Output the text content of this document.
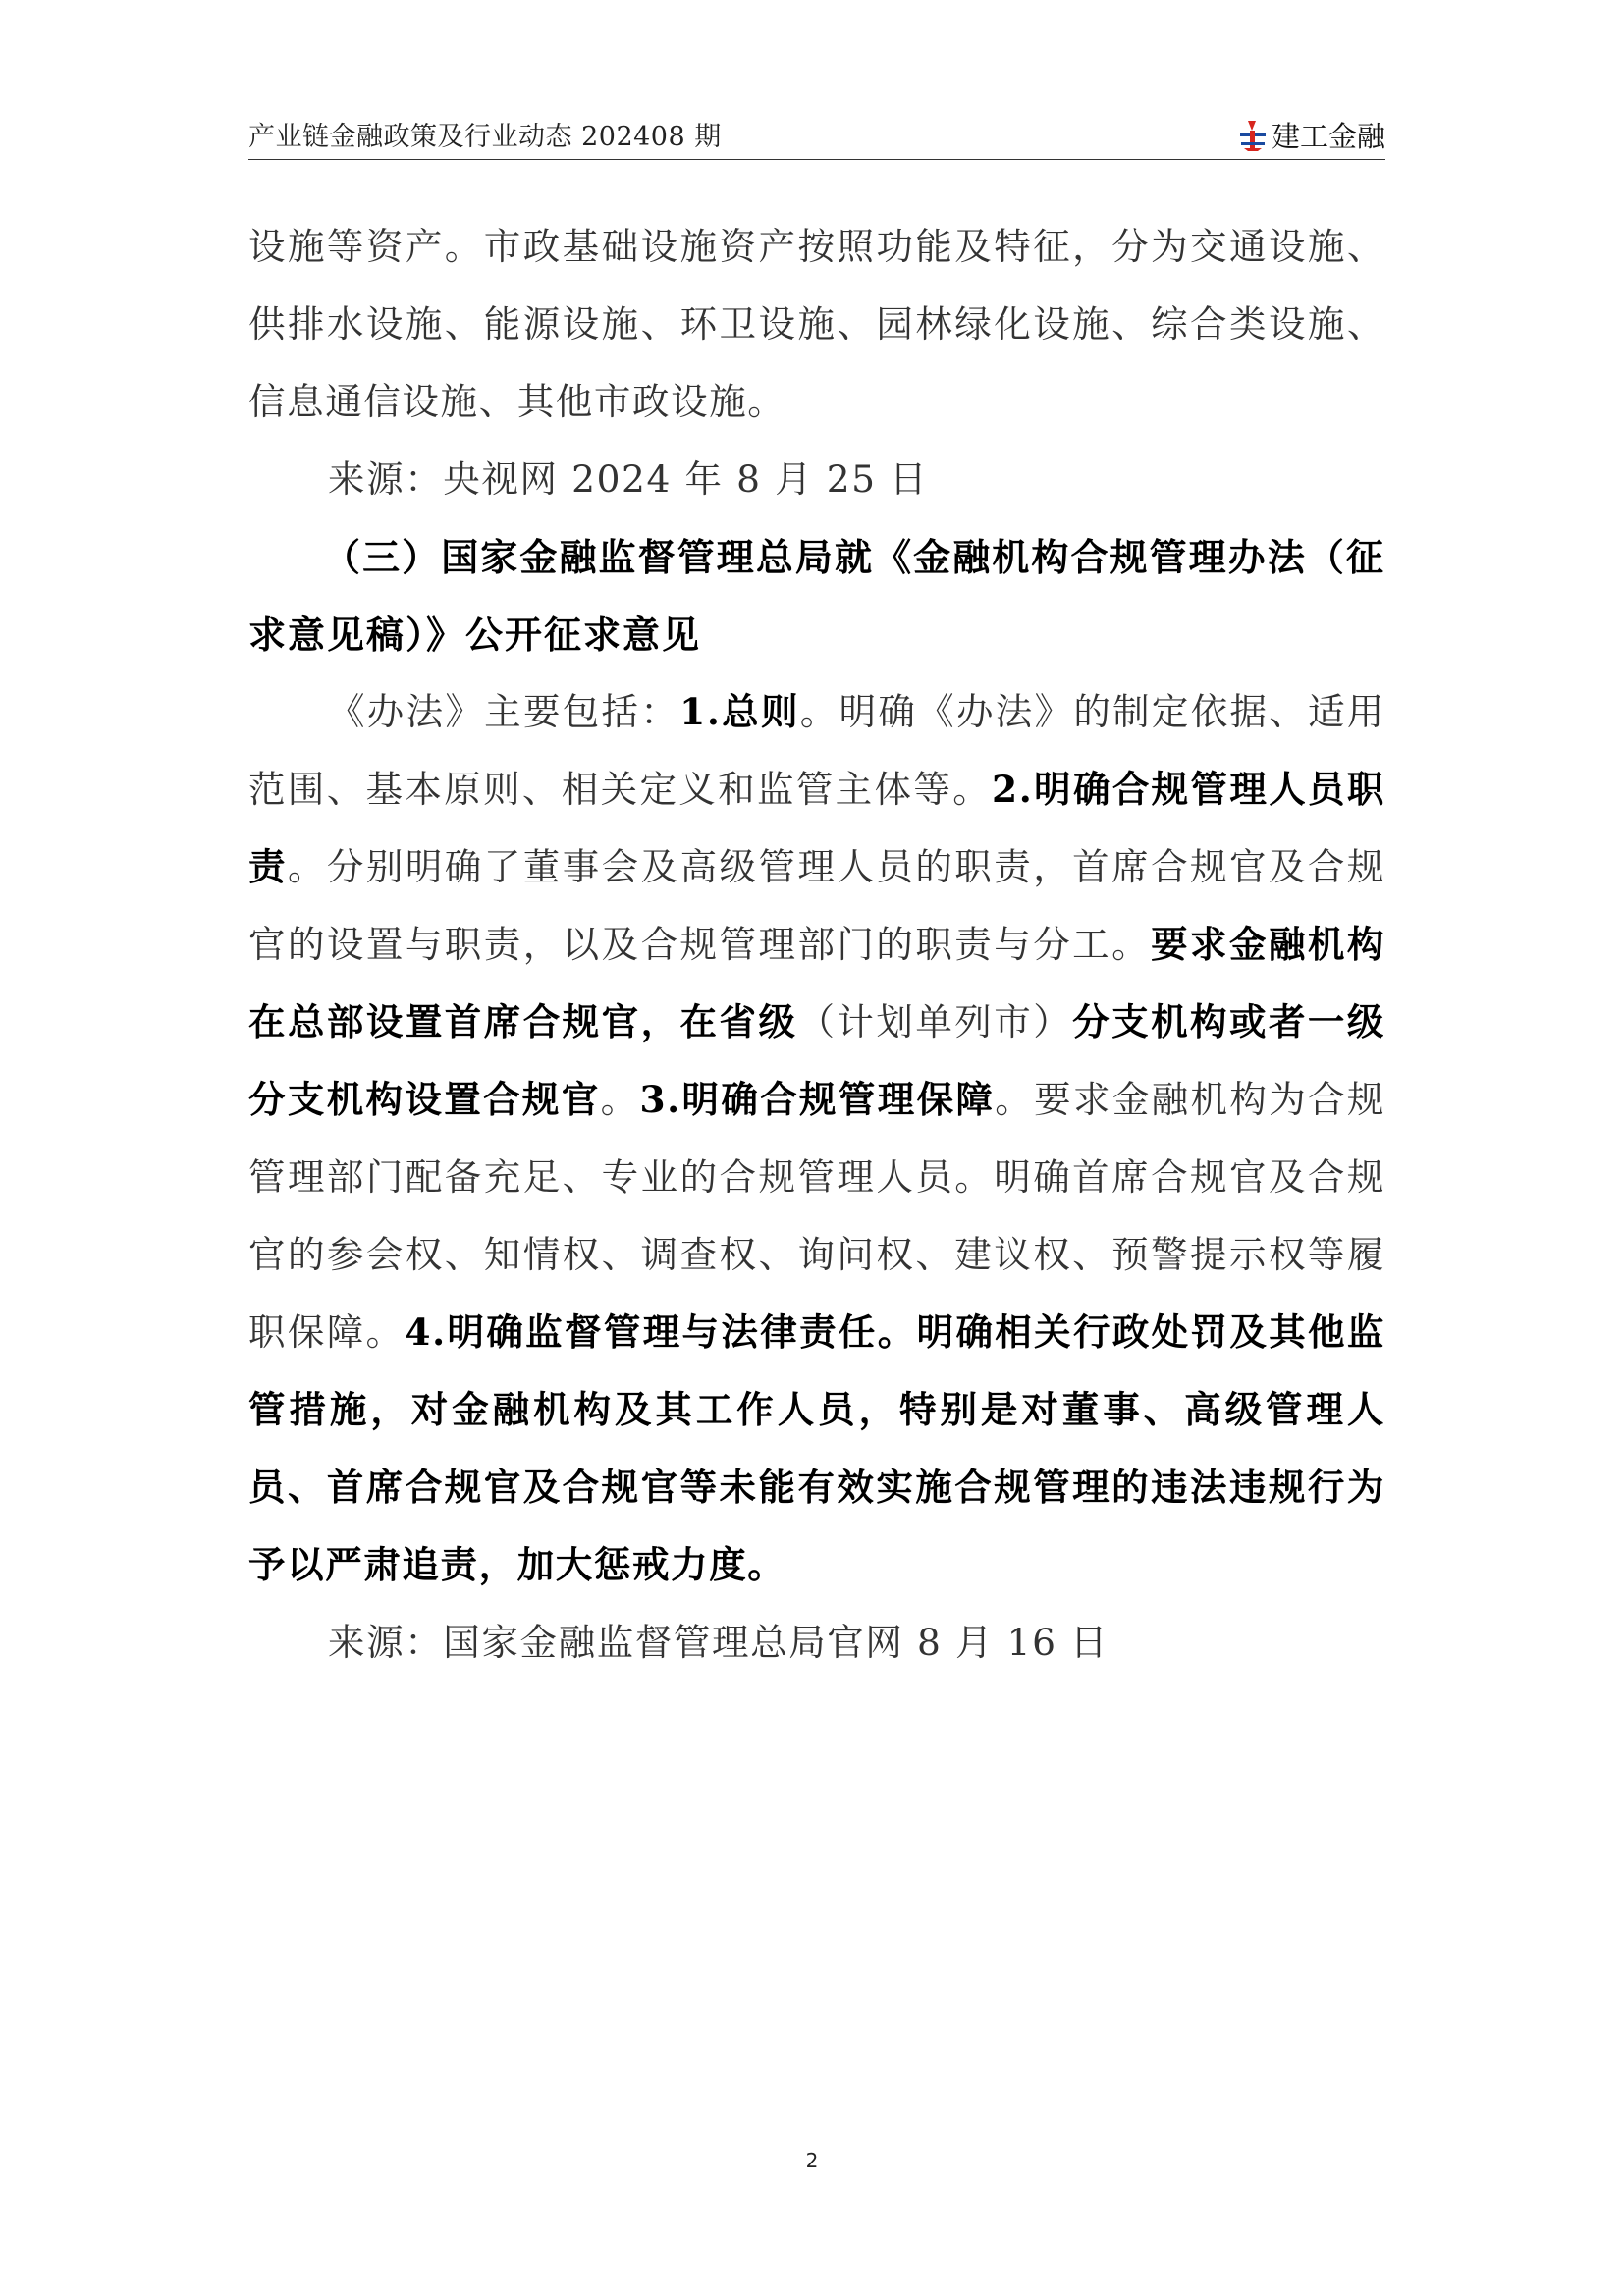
产业链金融政策及行业动态 202408 期	建工金融

设施等资产。市政基础设施资产按照功能及特征，分为交通设施、供排水设施、能源设施、环卫设施、园林绿化设施、综合类设施、信息通信设施、其他市政设施。

来源：央视网 2024 年 8 月 25 日

（三）国家金融监督管理总局就《金融机构合规管理办法（征求意见稿）》公开征求意见

《办法》主要包括：1.总则。明确《办法》的制定依据、适用范围、基本原则、相关定义和监管主体等。2.明确合规管理人员职责。分别明确了董事会及高级管理人员的职责，首席合规官及合规官的设置与职责，以及合规管理部门的职责与分工。要求金融机构在总部设置首席合规官，在省级（计划单列市）分支机构或者一级分支机构设置合规官。3.明确合规管理保障。要求金融机构为合规管理部门配备充足、专业的合规管理人员。明确首席合规官及合规官的参会权、知情权、调查权、询问权、建议权、预警提示权等履职保障。4.明确监督管理与法律责任。明确相关行政处罚及其他监管措施，对金融机构及其工作人员，特别是对董事、高级管理人员、首席合规官及合规官等未能有效实施合规管理的违法违规行为予以严肃追责，加大惩戒力度。

来源：国家金融监督管理总局官网 8 月 16 日

2
